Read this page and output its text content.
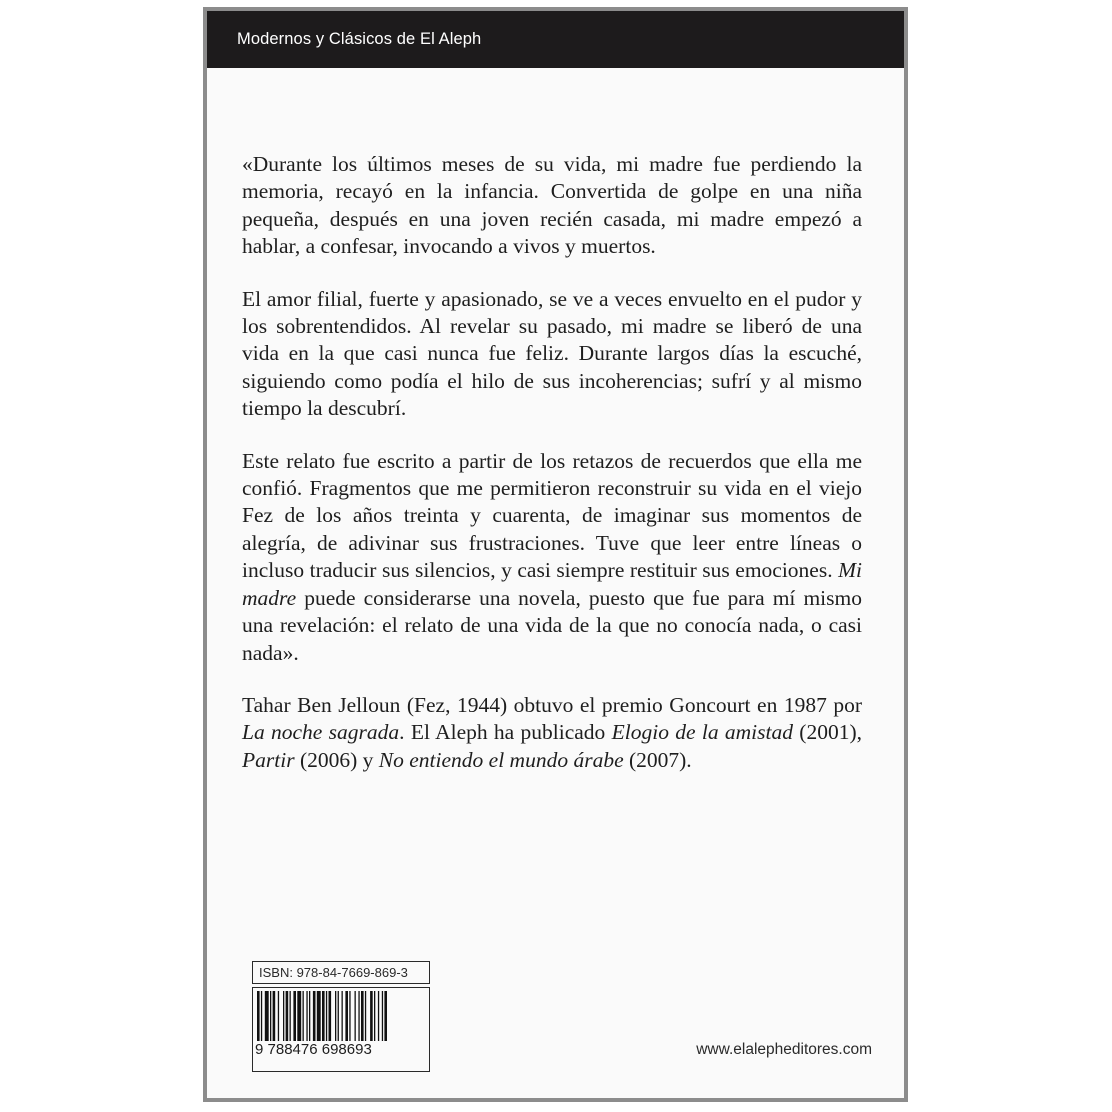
Modernos y Clásicos de El Aleph

«Durante los últimos meses de su vida, mi madre fue perdiendo la memoria, recayó en la infancia. Convertida de golpe en una niña pequeña, después en una joven recién casada, mi madre empezó a hablar, a confesar, invocando a vivos y muertos.

El amor filial, fuerte y apasionado, se ve a veces envuelto en el pudor y los sobrentendidos. Al revelar su pasado, mi madre se liberó de una vida en la que casi nunca fue feliz. Durante largos días la escuché, siguiendo como podía el hilo de sus incoherencias; sufrí y al mismo tiempo la descubrí.

Este relato fue escrito a partir de los retazos de recuerdos que ella me confió. Fragmentos que me permitieron reconstruir su vida en el viejo Fez de los años treinta y cuarenta, de imaginar sus momentos de alegría, de adivinar sus frustraciones. Tuve que leer entre líneas o incluso traducir sus silencios, y casi siempre restituir sus emociones. Mi madre puede considerarse una novela, puesto que fue para mí mismo una revelación: el relato de una vida de la que no conocía nada, o casi nada».

Tahar Ben Jelloun (Fez, 1944) obtuvo el premio Goncourt en 1987 por La noche sagrada. El Aleph ha publicado Elogio de la amistad (2001), Partir (2006) y No entiendo el mundo árabe (2007).

ISBN: 978-84-7669-869-3
9 788476 698693	www.elalepheditores.com
